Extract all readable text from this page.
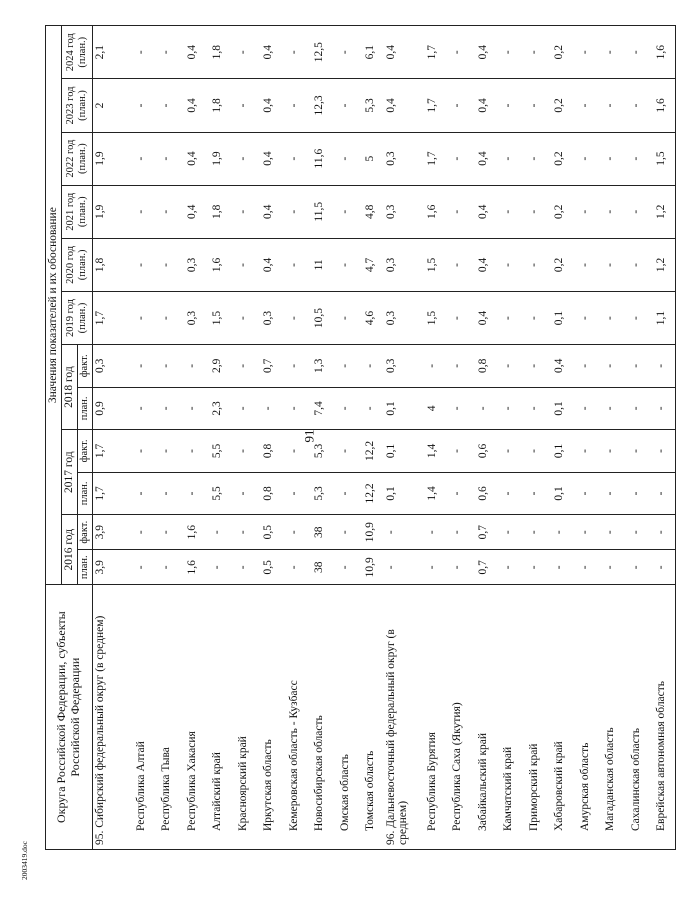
91
2003419.doc
Округа Российской Федерации, субъекты Российской Федерации	Значения показателей и их обоснование											
	2016 год		2017 год		2018 год		2019 год (план.)	2020 год (план.)	2021 год (план.)	2022 год (план.)	2023 год (план.)	2024 год (план.)
	план.	факт.	план.	факт.	план.	факт.						
95. Сибирский федеральный округ (в среднем)	3,9	3,9	1,7	1,7	0,9	0,3	1,7	1,8	1,9	1,9	2	2,1
Республика Алтай	-	-	-	-	-	-	-	-	-	-	-	-
Республика Тыва	-	-	-	-	-	-	-	-	-	-	-	-
Республика Хакасия	1,6	1,6	-	-	-	-	0,3	0,3	0,4	0,4	0,4	0,4
Алтайский край	-	-	5,5	5,5	2,3	2,9	1,5	1,6	1,8	1,9	1,8	1,8
Красноярский край	-	-	-	-	-	-	-	-	-	-	-	-
Иркутская область	0,5	0,5	0,8	0,8	-	0,7	0,3	0,4	0,4	0,4	0,4	0,4
Кемеровская область - Кузбасс	-	-	-	-	-	-	-	-	-	-	-	-
Новосибирская область	38	38	5,3	5,3	7,4	1,3	10,5	11	11,5	11,6	12,3	12,5
Омская область	-	-	-	-	-	-	-	-	-	-	-	-
Томская область	10,9	10,9	12,2	12,2	-	-	4,6	4,7	4,8	5	5,3	6,1
96. Дальневосточный федеральный округ (в среднем)	-	-	0,1	0,1	0,1	0,3	0,3	0,3	0,3	0,3	0,4	0,4
Республика Бурятия	-	-	1,4	1,4	4	-	1,5	1,5	1,6	1,7	1,7	1,7
Республика Саха (Якутия)	-	-	-	-	-	-	-	-	-	-	-	-
Забайкальский край	0,7	0,7	0,6	0,6	-	0,8	0,4	0,4	0,4	0,4	0,4	0,4
Камчатский край	-	-	-	-	-	-	-	-	-	-	-	-
Приморский край	-	-	-	-	-	-	-	-	-	-	-	-
Хабаровский край	-	-	0,1	0,1	0,1	0,4	0,1	0,2	0,2	0,2	0,2	0,2
Амурская область	-	-	-	-	-	-	-	-	-	-	-	-
Магаданская область	-	-	-	-	-	-	-	-	-	-	-	-
Сахалинская область	-	-	-	-	-	-	-	-	-	-	-	-
Еврейская автономная область	-	-	-	-	-	-	1,1	1,2	1,2	1,5	1,6	1,6
